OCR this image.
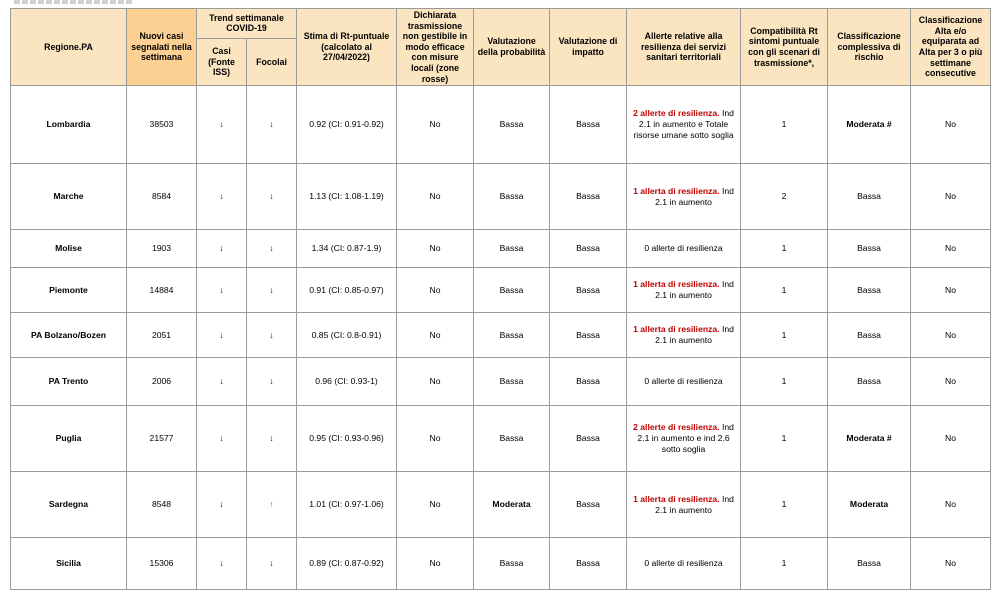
Regione.PA	Nuovi casi segnalati nella settimana	Trend settimanale COVID-19		Stima di Rt-puntuale (calcolato al 27/04/2022)	Dichiarata trasmissione non gestibile in modo efficace con misure locali (zone rosse)	Valutazione della probabilità	Valutazione di impatto	Allerte relative alla resilienza dei servizi sanitari territoriali	Compatibilità Rt sintomi puntuale con gli scenari di trasmissione*,	Classificazione complessiva di rischio	Classificazione Alta e/o equiparata ad Alta per 3 o più settimane consecutive
		Casi (Fonte ISS)	Focolai								
Lombardia	38503	↓	↓	0.92 (CI: 0.91-0.92)	No	Bassa	Bassa	2 allerte di resilienza. Ind 2.1 in aumento e Totale risorse umane sotto soglia	1	Moderata #	No
Marche	8584	↓	↓	1.13 (CI: 1.08-1.19)	No	Bassa	Bassa	1 allerta di resilienza. Ind 2.1 in aumento	2	Bassa	No
Molise	1903	↓	↓	1.34 (CI: 0.87-1.9)	No	Bassa	Bassa	0 allerte di resilienza	1	Bassa	No
Piemonte	14884	↓	↓	0.91 (CI: 0.85-0.97)	No	Bassa	Bassa	1 allerta di resilienza. Ind 2.1 in aumento	1	Bassa	No
PA Bolzano/Bozen	2051	↓	↓	0.85 (CI: 0.8-0.91)	No	Bassa	Bassa	1 allerta di resilienza. Ind 2.1 in aumento	1	Bassa	No
PA Trento	2006	↓	↓	0.96 (CI: 0.93-1)	No	Bassa	Bassa	0 allerte di resilienza	1	Bassa	No
Puglia	21577	↓	↓	0.95 (CI: 0.93-0.96)	No	Bassa	Bassa	2 allerte di resilienza. Ind 2.1 in aumento e ind 2.6 sotto soglia	1	Moderata #	No
Sardegna	8548	↓	↑	1.01 (CI: 0.97-1.06)	No	Moderata	Bassa	1 allerta di resilienza. Ind 2.1 in aumento	1	Moderata	No
Sicilia	15306	↓	↓	0.89 (CI: 0.87-0.92)	No	Bassa	Bassa	0 allerte di resilienza	1	Bassa	No
